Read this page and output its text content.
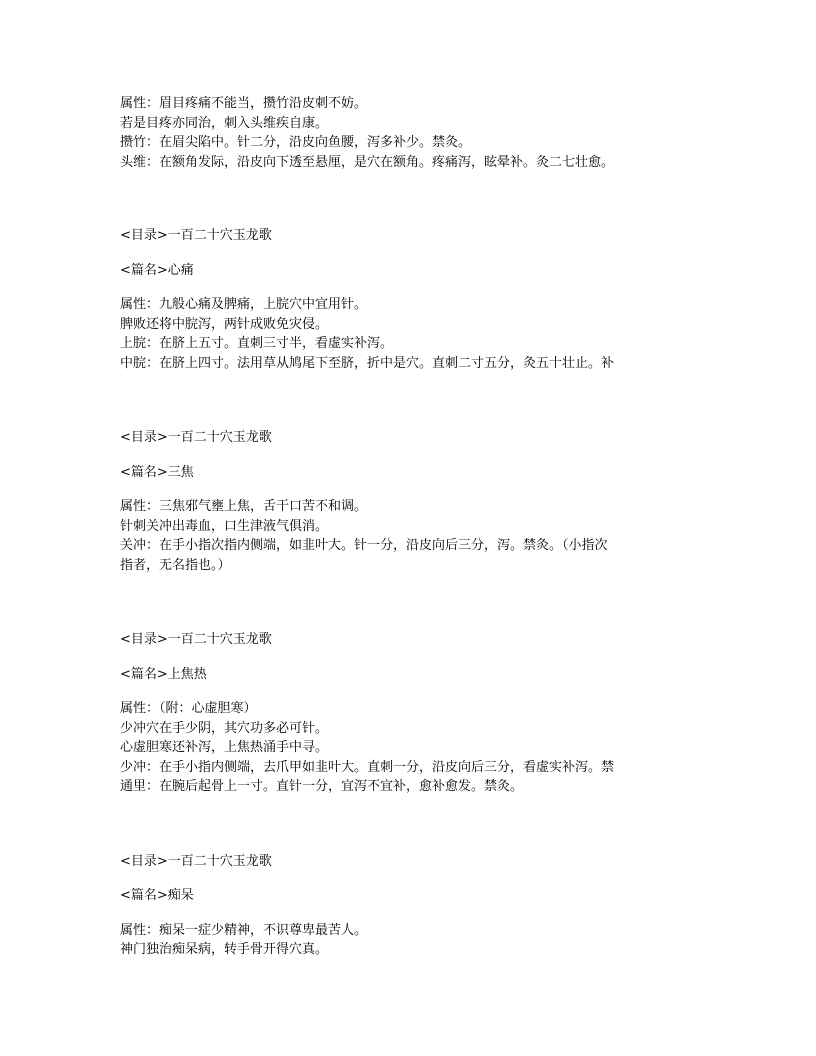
属性：眉目疼痛不能当，攒竹沿皮刺不妨。
若是目疼亦同治，刺入头维疾自康。
攒竹：在眉尖陷中。针二分，沿皮向鱼腰，泻多补少。禁灸。
头维：在额角发际，沿皮向下透至悬厘，是穴在额角。疼痛泻，眩晕补。灸二七壮愈。
<目录>一百二十穴玉龙歌
<篇名>心痛
属性：九般心痛及脾痛，上脘穴中宜用针。
脾败还将中脘泻，两针成败免灾侵。
上脘：在脐上五寸。直刺三寸半，看虚实补泻。
中脘：在脐上四寸。法用草从鸠尾下至脐，折中是穴。直刺二寸五分，灸五十壮止。补
<目录>一百二十穴玉龙歌
<篇名>三焦
属性：三焦邪气壅上焦，舌干口苦不和调。
针刺关冲出毒血，口生津液气俱消。
关冲：在手小指次指内侧端，如韭叶大。针一分，沿皮向后三分，泻。禁灸。（小指次
指者，无名指也。）
<目录>一百二十穴玉龙歌
<篇名>上焦热
属性：（附：心虚胆寒）
少冲穴在手少阴，其穴功多必可针。
心虚胆寒还补泻，上焦热涌手中寻。
少冲：在手小指内侧端，去爪甲如韭叶大。直刺一分，沿皮向后三分，看虚实补泻。禁
通里：在腕后起骨上一寸。直针一分，宜泻不宜补，愈补愈发。禁灸。
<目录>一百二十穴玉龙歌
<篇名>痴呆
属性：痴呆一症少精神，不识尊卑最苦人。
神门独治痴呆病，转手骨开得穴真。
